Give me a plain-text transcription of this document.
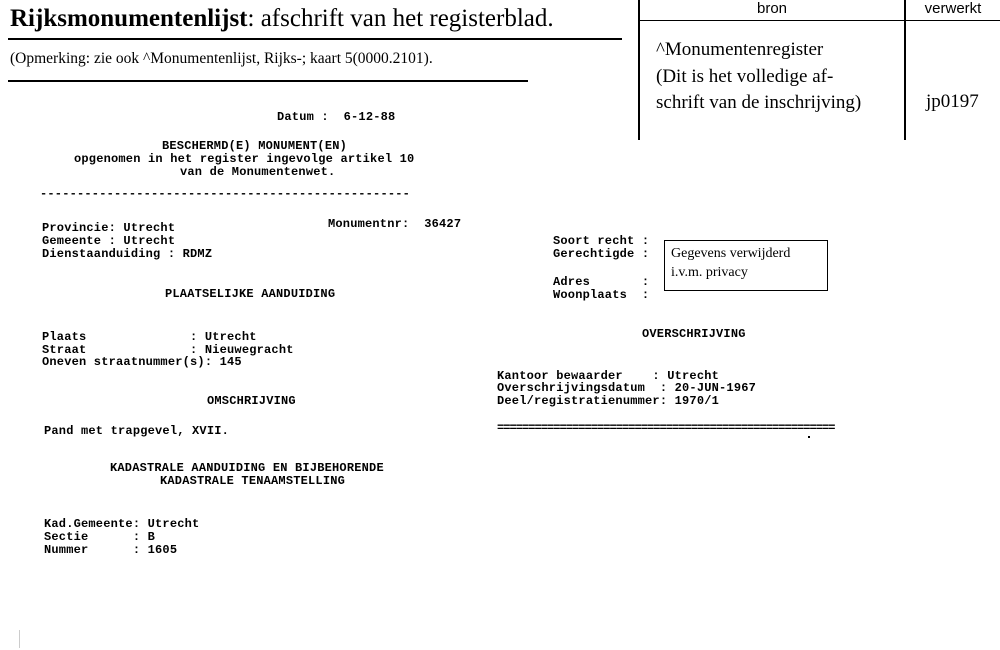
Rijksmonumentenlijst: afschrift van het registerblad.
(Opmerking: zie ook ^Monumentenlijst, Rijks-; kaart 5(0000.2101).
bron	verwerkt
^Monumentenregister
(Dit is het volledige af-
schrift van de inschrijving)	jp0197
Datum :  6-12-88
BESCHERMD(E) MONUMENT(EN)
opgenomen in het register ingevolge artikel 10
van de Monumentenwet.
--------------------------------------------------
Provincie: Utrecht	Monumentnr:  36427
Gemeente : Utrecht
Dienstaanduiding : RDMZ
PLAATSELIJKE AANDUIDING
Plaats              : Utrecht
Straat              : Nieuwegracht
Oneven straatnummer(s): 145
OMSCHRIJVING
Pand met trapgevel, XVII.
KADASTRALE AANDUIDING EN BIJBEHORENDE
KADASTRALE TENAAMSTELLING
Kad.Gemeente: Utrecht
Sectie      : B
Nummer      : 1605
Soort recht :
Gerechtigde :
Adres       :
Woonplaats  :
Gegevens verwijderd
i.v.m. privacy
OVERSCHRIJVING
Kantoor bewaarder    : Utrecht
Overschrijvingsdatum  : 20-JUN-1967
Deel/registratienummer: 1970/1
======================================================
